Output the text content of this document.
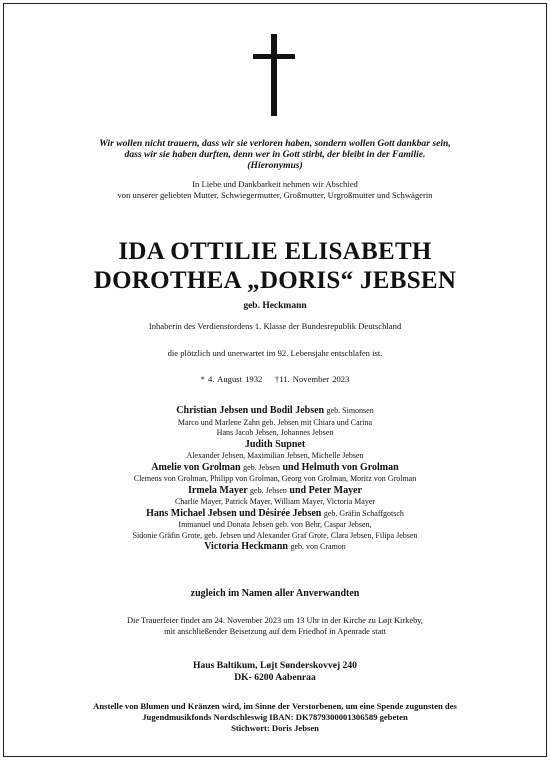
Wir wollen nicht trauern, dass wir sie verloren haben, sondern wollen Gott dankbar sein,
dass wir sie haben durften, denn wer in Gott stirbt, der bleibt in der Familie.
(Hieronymus)
In Liebe und Dankbarkeit nehmen wir Abschied
von unserer geliebten Mutter, Schwiegermutter, Großmutter, Urgroßmutter und Schwägerin
IDA OTTILIE ELISABETH
DOROTHEA „DORIS“ JEBSEN
geb. Heckmann
Inhaberin des Verdienstordens 1. Klasse der Bundesrepublik Deutschland
die plötzlich und unerwartet im 92. Lebensjahr entschlafen ist.
* 4. August 1932 †11. November 2023
Christian Jebsen und Bodil Jebsen geb. Simonsen
Marco und Marlene Zahn geb. Jebsen mit Chiara und Carina
Hans Jacob Jebsen, Johannes Jebsen
Judith Supnet
Alexander Jebsen, Maximilian Jebsen, Michelle Jebsen
Amelie von Grolman geb. Jebsen und Helmuth von Grolman
Clemens von Grolman, Philipp von Grolman, Georg von Grolman, Moritz von Grolman
Irmela Mayer geb. Jebsen und Peter Mayer
Charlie Mayer, Patrick Mayer, William Mayer, Victoria Mayer
Hans Michael Jebsen und Désirée Jebsen geb. Gräfin Schaffgotsch
Immanuel und Donata Jebsen geb. von Behr, Caspar Jebsen,
Sidonie Gräfin Grote, geb. Jebsen und Alexander Graf Grote, Clara Jebsen, Filipa Jebsen
Victoria Heckmann geb. von Cramon
zugleich im Namen aller Anverwandten
Die Trauerfeier findet am 24. November 2023 um 13 Uhr in der Kirche zu Løjt Kirkeby,
mit anschließender Beisetzung auf dem Friedhof in Apenrade statt
Haus Baltikum, Løjt Sønderskovvej 240
DK- 6200 Aabenraa
Anstelle von Blumen und Kränzen wird, im Sinne der Verstorbenen, um eine Spende zugunsten des
Jugendmusikfonds Nordschleswig IBAN: DK7879300001306589 gebeten
Stichwort: Doris Jebsen
